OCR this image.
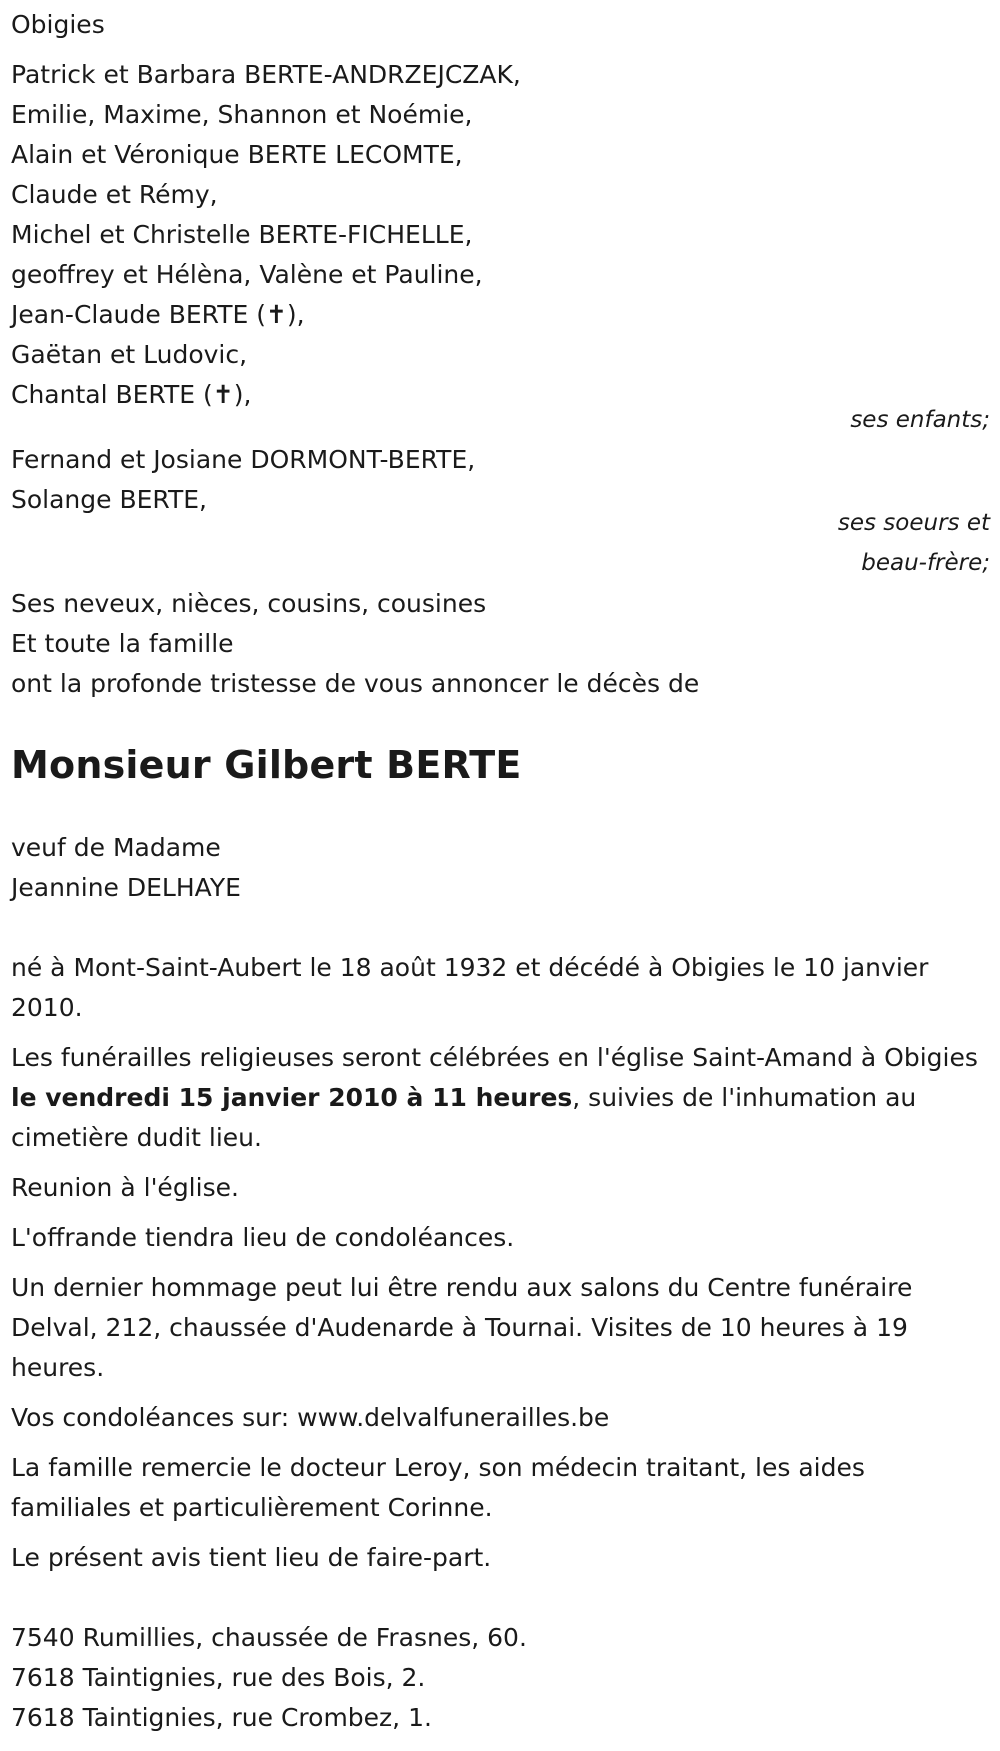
Obigies
Patrick et Barbara BERTE-ANDRZEJCZAK,
Emilie, Maxime, Shannon et Noémie,
Alain et Véronique BERTE LECOMTE,
Claude et Rémy,
Michel et Christelle BERTE-FICHELLE,
geoffrey et Hélèna, Valène et Pauline,
Jean-Claude BERTE (✝),
Gaëtan et Ludovic,
Chantal BERTE (✝),
ses enfants;
Fernand et Josiane DORMONT-BERTE,
Solange BERTE,
ses soeurs et
beau-frère;
Ses neveux, nièces, cousins, cousines
Et toute la famille
ont la profonde tristesse de vous annoncer le décès de
Monsieur Gilbert BERTE
veuf de Madame
Jeannine DELHAYE
né à Mont-Saint-Aubert le 18 août 1932 et décédé à Obigies le 10 janvier 2010.
Les funérailles religieuses seront célébrées en l'église Saint-Amand à Obigies le vendredi 15 janvier 2010 à 11 heures, suivies de l'inhumation au cimetière dudit lieu.
Reunion à l'église.
L'offrande tiendra lieu de condoléances.
Un dernier hommage peut lui être rendu aux salons du Centre funéraire Delval, 212, chaussée d'Audenarde à Tournai. Visites de 10 heures à 19 heures.
Vos condoléances sur: www.delvalfunerailles.be
La famille remercie le docteur Leroy, son médecin traitant, les aides familiales et particulièrement Corinne.
Le présent avis tient lieu de faire-part.
7540 Rumillies, chaussée de Frasnes, 60.
7618 Taintignies, rue des Bois, 2.
7618 Taintignies, rue Crombez, 1.
